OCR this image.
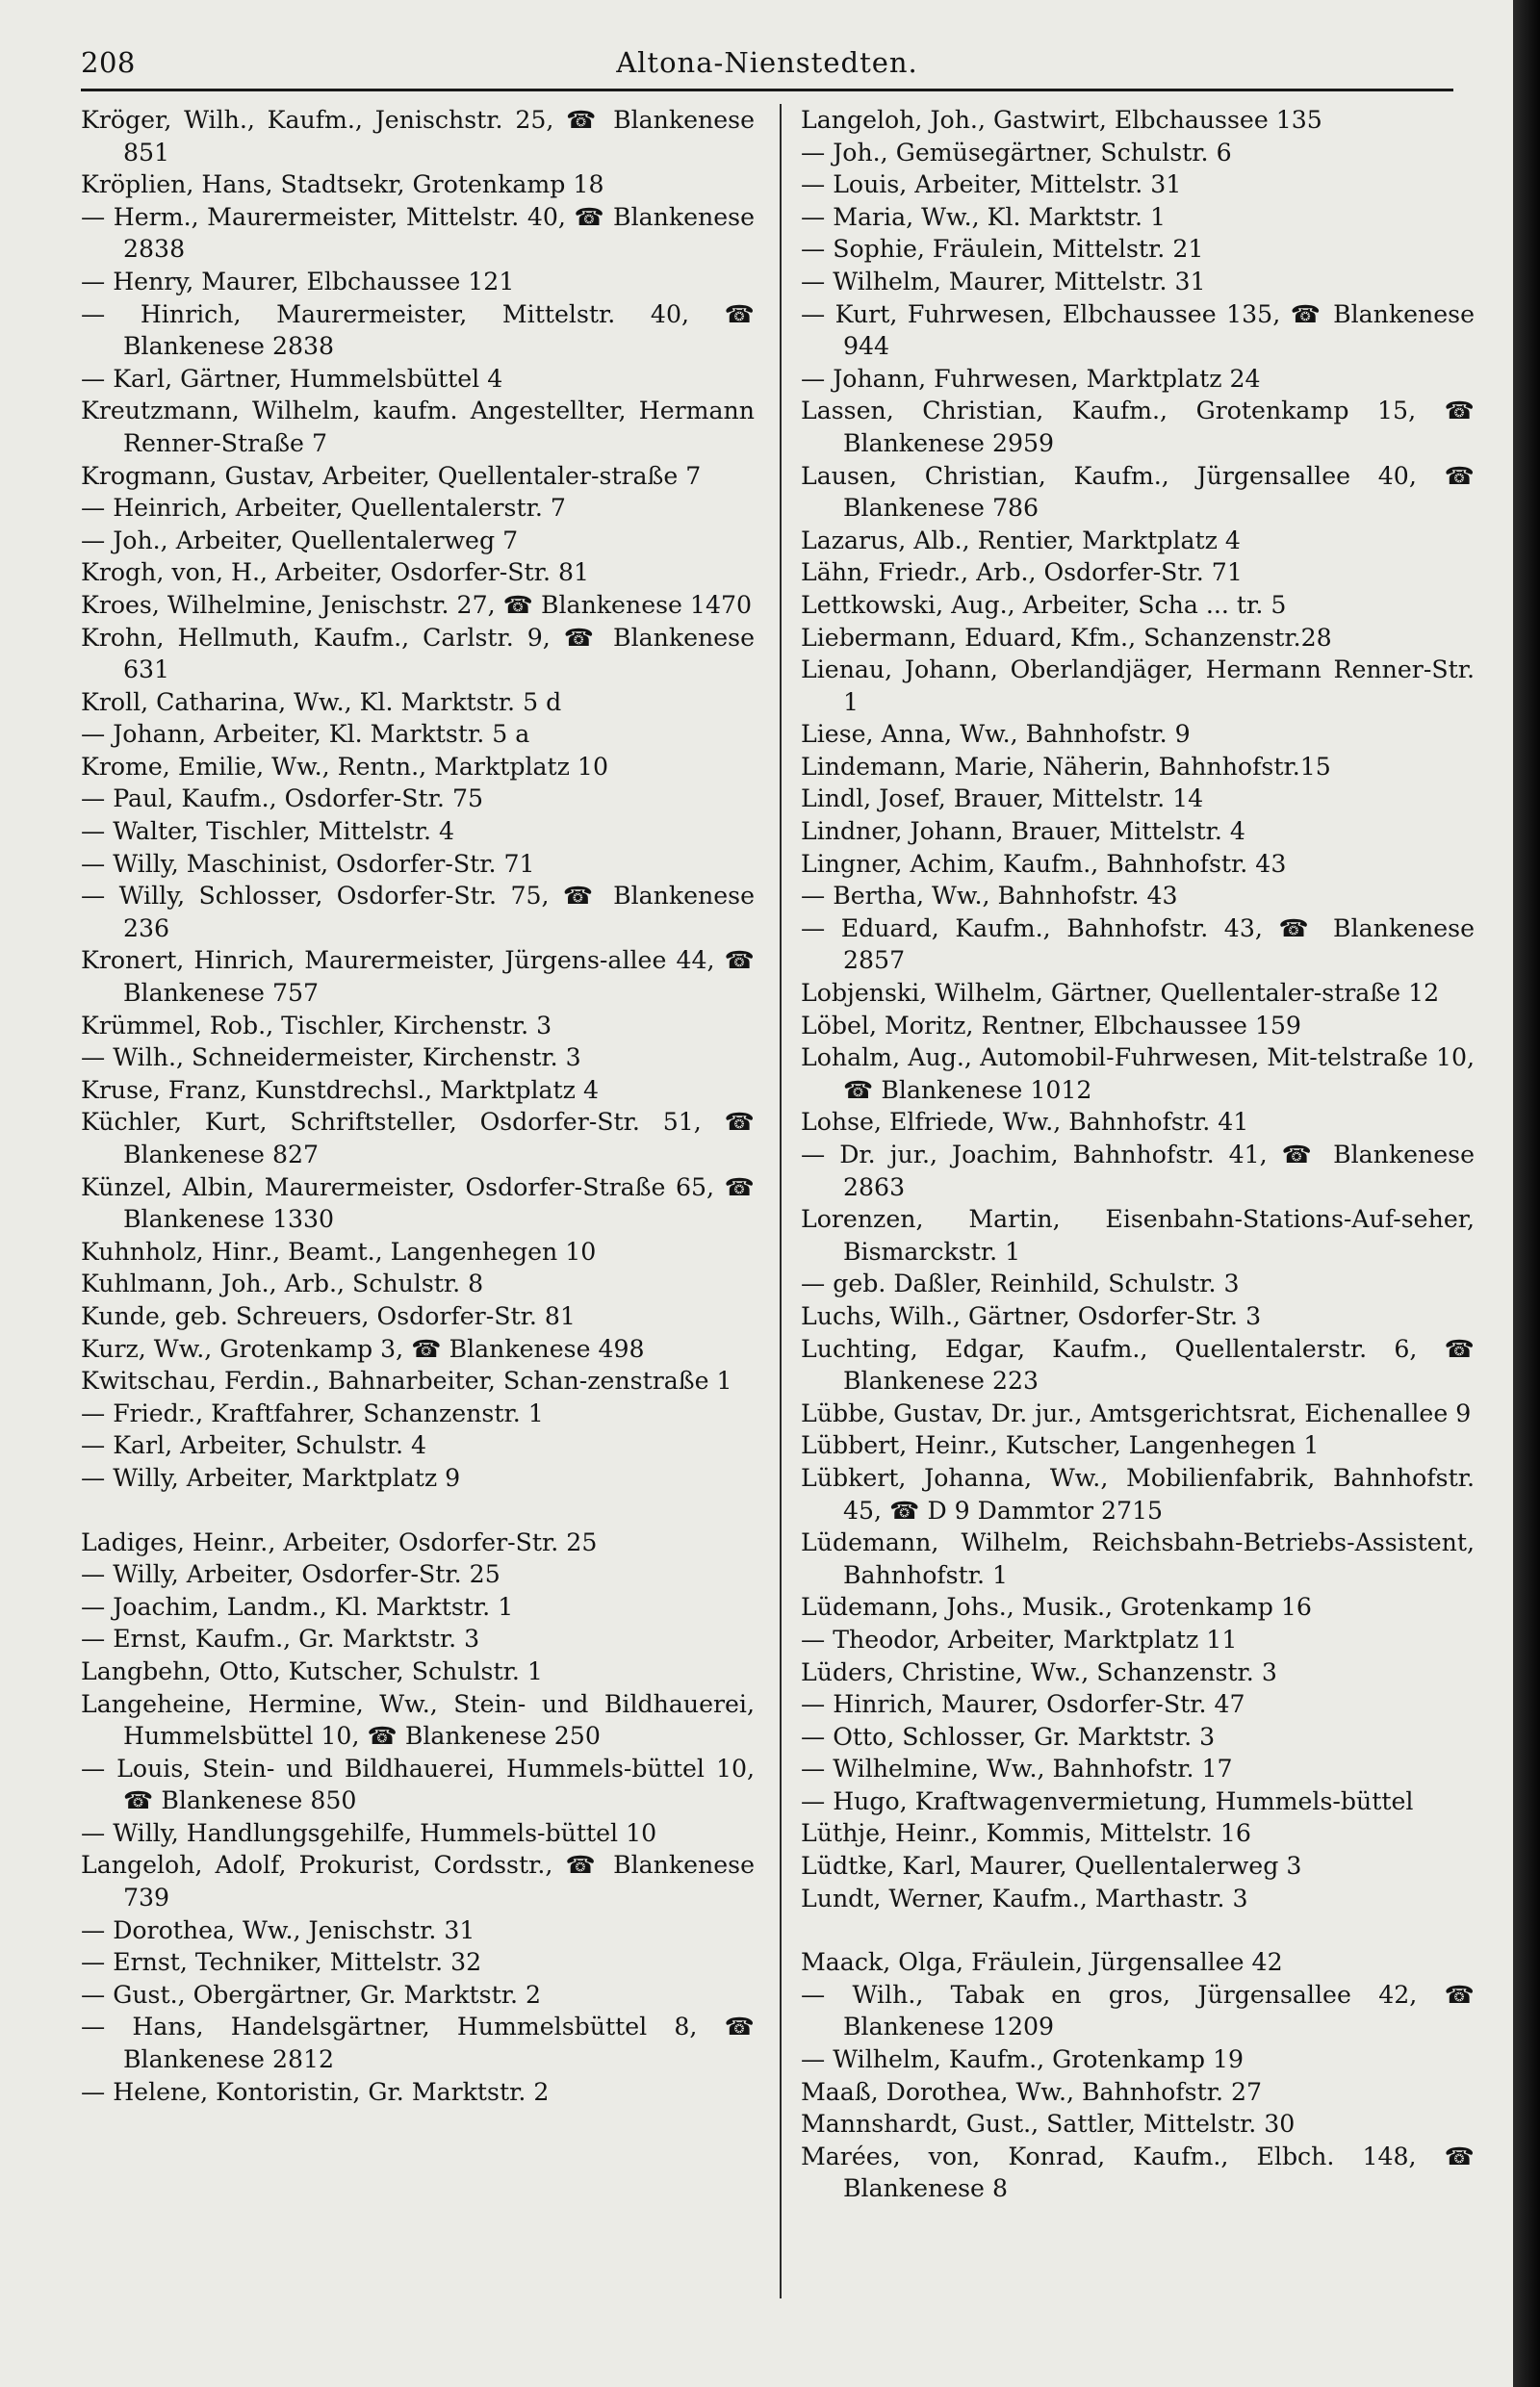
208	Altona-Nienstedten.

Kröger, Wilh., Kaufm., Jenischstr. 25, ☎ Blankenese 851

Kröplien, Hans, Stadtsekr, Grotenkamp 18

— Herm., Maurermeister, Mittelstr. 40, ☎ Blankenese 2838

— Henry, Maurer, Elbchaussee 121

— Hinrich, Maurermeister, Mittelstr. 40, ☎ Blankenese 2838

— Karl, Gärtner, Hummelsbüttel 4

Kreutzmann, Wilhelm, kaufm. Angestellter, Hermann Renner-Straße 7

Krogmann, Gustav, Arbeiter, Quellentaler-straße 7

— Heinrich, Arbeiter, Quellentalerstr. 7

— Joh., Arbeiter, Quellentalerweg 7

Krogh, von, H., Arbeiter, Osdorfer-Str. 81

Kroes, Wilhelmine, Jenischstr. 27, ☎ Blankenese 1470

Krohn, Hellmuth, Kaufm., Carlstr. 9, ☎ Blankenese 631

Kroll, Catharina, Ww., Kl. Marktstr. 5 d

— Johann, Arbeiter, Kl. Marktstr. 5 a

Krome, Emilie, Ww., Rentn., Marktplatz 10

— Paul, Kaufm., Osdorfer-Str. 75

— Walter, Tischler, Mittelstr. 4

— Willy, Maschinist, Osdorfer-Str. 71

— Willy, Schlosser, Osdorfer-Str. 75, ☎ Blankenese 236

Kronert, Hinrich, Maurermeister, Jürgens-allee 44, ☎ Blankenese 757

Krümmel, Rob., Tischler, Kirchenstr. 3

— Wilh., Schneidermeister, Kirchenstr. 3

Kruse, Franz, Kunstdrechsl., Marktplatz 4

Küchler, Kurt, Schriftsteller, Osdorfer-Str. 51, ☎ Blankenese 827

Künzel, Albin, Maurermeister, Osdorfer-Straße 65, ☎ Blankenese 1330

Kuhnholz, Hinr., Beamt., Langenhegen 10

Kuhlmann, Joh., Arb., Schulstr. 8

Kunde, geb. Schreuers, Osdorfer-Str. 81

Kurz, Ww., Grotenkamp 3, ☎ Blankenese 498

Kwitschau, Ferdin., Bahnarbeiter, Schan-zenstraße 1

— Friedr., Kraftfahrer, Schanzenstr. 1

— Karl, Arbeiter, Schulstr. 4

— Willy, Arbeiter, Marktplatz 9

Ladiges, Heinr., Arbeiter, Osdorfer-Str. 25

— Willy, Arbeiter, Osdorfer-Str. 25

— Joachim, Landm., Kl. Marktstr. 1

— Ernst, Kaufm., Gr. Marktstr. 3

Langbehn, Otto, Kutscher, Schulstr. 1

Langeheine, Hermine, Ww., Stein- und Bildhauerei, Hummelsbüttel 10, ☎ Blankenese 250

— Louis, Stein- und Bildhauerei, Hummels-büttel 10, ☎ Blankenese 850

— Willy, Handlungsgehilfe, Hummels-büttel 10

Langeloh, Adolf, Prokurist, Cordsstr., ☎ Blankenese 739

— Dorothea, Ww., Jenischstr. 31

— Ernst, Techniker, Mittelstr. 32

— Gust., Obergärtner, Gr. Marktstr. 2

— Hans, Handelsgärtner, Hummelsbüttel 8, ☎ Blankenese 2812

— Helene, Kontoristin, Gr. Marktstr. 2

Langeloh, Joh., Gastwirt, Elbchaussee 135

— Joh., Gemüsegärtner, Schulstr. 6

— Louis, Arbeiter, Mittelstr. 31

— Maria, Ww., Kl. Marktstr. 1

— Sophie, Fräulein, Mittelstr. 21

— Wilhelm, Maurer, Mittelstr. 31

— Kurt, Fuhrwesen, Elbchaussee 135, ☎ Blankenese 944

— Johann, Fuhrwesen, Marktplatz 24

Lassen, Christian, Kaufm., Grotenkamp 15, ☎ Blankenese 2959

Lausen, Christian, Kaufm., Jürgensallee 40, ☎ Blankenese 786

Lazarus, Alb., Rentier, Marktplatz 4

Lähn, Friedr., Arb., Osdorfer-Str. 71

Lettkowski, Aug., Arbeiter, Scha ... tr. 5

Liebermann, Eduard, Kfm., Schanzenstr.28

Lienau, Johann, Oberlandjäger, Hermann Renner-Str. 1

Liese, Anna, Ww., Bahnhofstr. 9

Lindemann, Marie, Näherin, Bahnhofstr.15

Lindl, Josef, Brauer, Mittelstr. 14

Lindner, Johann, Brauer, Mittelstr. 4

Lingner, Achim, Kaufm., Bahnhofstr. 43

— Bertha, Ww., Bahnhofstr. 43

— Eduard, Kaufm., Bahnhofstr. 43, ☎ Blankenese 2857

Lobjenski, Wilhelm, Gärtner, Quellentaler-straße 12

Löbel, Moritz, Rentner, Elbchaussee 159

Lohalm, Aug., Automobil-Fuhrwesen, Mit-telstraße 10, ☎ Blankenese 1012

Lohse, Elfriede, Ww., Bahnhofstr. 41

— Dr. jur., Joachim, Bahnhofstr. 41, ☎ Blankenese 2863

Lorenzen, Martin, Eisenbahn-Stations-Auf-seher, Bismarckstr. 1

— geb. Daßler, Reinhild, Schulstr. 3

Luchs, Wilh., Gärtner, Osdorfer-Str. 3

Luchting, Edgar, Kaufm., Quellentalerstr. 6, ☎ Blankenese 223

Lübbe, Gustav, Dr. jur., Amtsgerichtsrat, Eichenallee 9

Lübbert, Heinr., Kutscher, Langenhegen 1

Lübkert, Johanna, Ww., Mobilienfabrik, Bahnhofstr. 45, ☎ D 9 Dammtor 2715

Lüdemann, Wilhelm, Reichsbahn-Betriebs-Assistent, Bahnhofstr. 1

Lüdemann, Johs., Musik., Grotenkamp 16

— Theodor, Arbeiter, Marktplatz 11

Lüders, Christine, Ww., Schanzenstr. 3

— Hinrich, Maurer, Osdorfer-Str. 47

— Otto, Schlosser, Gr. Marktstr. 3

— Wilhelmine, Ww., Bahnhofstr. 17

— Hugo, Kraftwagenvermietung, Hummels-büttel

Lüthje, Heinr., Kommis, Mittelstr. 16

Lüdtke, Karl, Maurer, Quellentalerweg 3

Lundt, Werner, Kaufm., Marthastr. 3

Maack, Olga, Fräulein, Jürgensallee 42

— Wilh., Tabak en gros, Jürgensallee 42, ☎ Blankenese 1209

— Wilhelm, Kaufm., Grotenkamp 19

Maaß, Dorothea, Ww., Bahnhofstr. 27

Mannshardt, Gust., Sattler, Mittelstr. 30

Marées, von, Konrad, Kaufm., Elbch. 148, ☎ Blankenese 8
